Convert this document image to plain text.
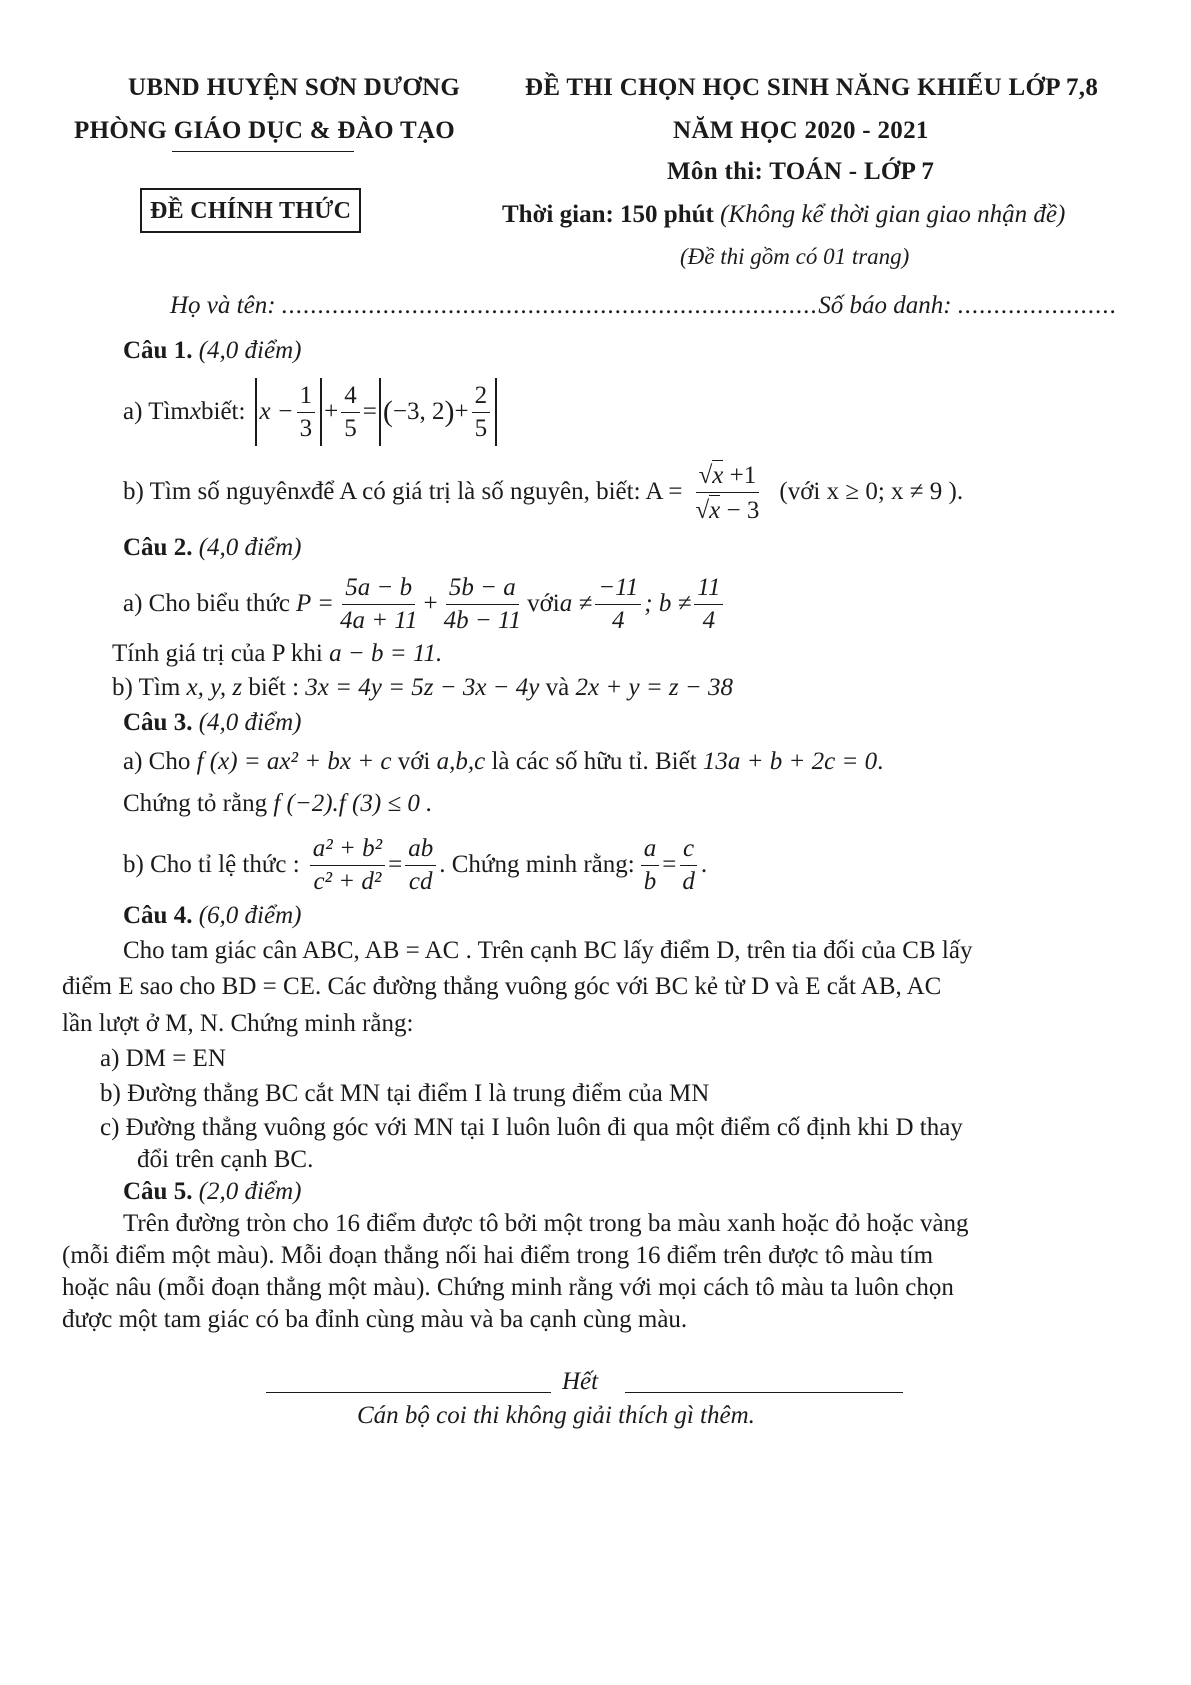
UBND HUYỆN SƠN DƯƠNG
PHÒNG GIÁO DỤC & ĐÀO TẠO
ĐỀ CHÍNH THỨC
ĐỀ THI CHỌN HỌC SINH NĂNG KHIẾU LỚP 7,8
NĂM HỌC 2020 - 2021
Môn thi: TOÁN - LỚP 7
Thời gian: 150 phút (Không kể thời gian giao nhận đề)
(Đề thi gồm có 01 trang)
Họ và tên: ..........................................................................Số báo danh: ......................
Câu 1. (4,0 điểm)
a) Tìm x biết: $x - \frac{1}{3} + \frac{4}{5}$ = ( −3, 2 ) + $\frac{2}{5}$
b) Tìm số nguyên x để A có giá trị là số nguyên, biết: $A = \frac{√x +1}{√x - 3}$ (với x ≥ 0; x ≠ 9 ).
Câu 2. (4,0 điểm)
a) Cho biểu thức $P = \frac{5a - b}{4a + 11} + \frac{5b - a}{4b - 11}$ với $a \ne \frac{-11}{4}$ ; $b \ne \frac{11}{4}$
Tính giá trị của P khi a − b = 11.
b) Tìm x, y, z biết : 3x = 4y = 5z − 3x − 4y và 2x + y = z − 38
Câu 3. (4,0 điểm)
a) Cho f (x) = ax² + bx + c với a,b,c là các số hữu tỉ. Biết 13a + b + 2c = 0.
Chứng tỏ rằng f (−2).f (3) ≤ 0 .
b) Cho tỉ lệ thức : $\frac{\text{a² + b²}}{\text{c² + d²}} = \frac{ab}{cd}$ . Chứng minh rằng: $\frac{a}{b} = \frac{c}{d}$ .
Câu 4. (6,0 điểm)
Cho tam giác cân ABC, AB = AC . Trên cạnh BC lấy điểm D, trên tia đối của CB lấy
điểm E sao cho BD = CE. Các đường thẳng vuông góc với BC kẻ từ D và E cắt AB, AC
lần lượt ở M, N. Chứng minh rằng:
a) DM = EN
b) Đường thẳng BC cắt MN tại điểm I là trung điểm của MN
c) Đường thẳng vuông góc với MN tại I luôn luôn đi qua một điểm cố định khi D thay
đổi trên cạnh BC.
Câu 5. (2,0 điểm)
Trên đường tròn cho 16 điểm được tô bởi một trong ba màu xanh hoặc đỏ hoặc vàng
(mỗi điểm một màu). Mỗi đoạn thẳng nối hai điểm trong 16 điểm trên được tô màu tím
hoặc nâu (mỗi đoạn thẳng một màu). Chứng minh rằng với mọi cách tô màu ta luôn chọn
được một tam giác có ba đỉnh cùng màu và ba cạnh cùng màu.
Hết
Cán bộ coi thi không giải thích gì thêm.
